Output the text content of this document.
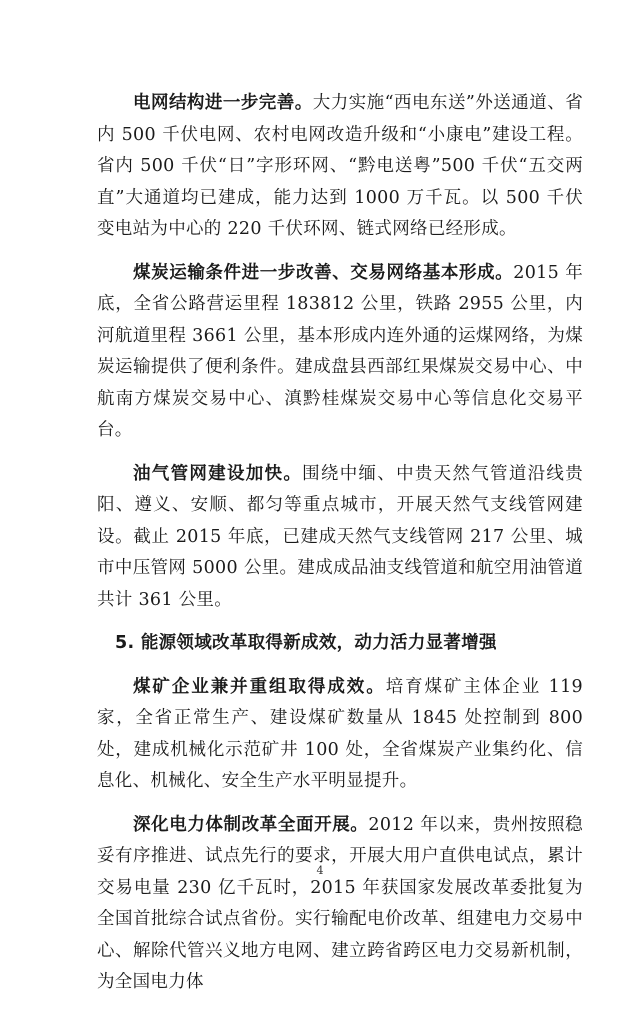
电网结构进一步完善。大力实施“西电东送”外送通道、省内 500 千伏电网、农村电网改造升级和“小康电”建设工程。省内 500 千伏“日”字形环网、“黔电送粤”500 千伏“五交两直”大通道均已建成，能力达到 1000 万千瓦。以 500 千伏变电站为中心的 220 千伏环网、链式网络已经形成。

煤炭运输条件进一步改善、交易网络基本形成。2015 年底，全省公路营运里程 183812 公里，铁路 2955 公里，内河航道里程 3661 公里，基本形成内连外通的运煤网络，为煤炭运输提供了便利条件。建成盘县西部红果煤炭交易中心、中航南方煤炭交易中心、滇黔桂煤炭交易中心等信息化交易平台。

油气管网建设加快。围绕中缅、中贵天然气管道沿线贵阳、遵义、安顺、都匀等重点城市，开展天然气支线管网建设。截止 2015 年底，已建成天然气支线管网 217 公里、城市中压管网 5000 公里。建成成品油支线管道和航空用油管道共计 361 公里。

5. 能源领域改革取得新成效，动力活力显著增强

煤矿企业兼并重组取得成效。培育煤矿主体企业 119 家，全省正常生产、建设煤矿数量从 1845 处控制到 800 处，建成机械化示范矿井 100 处，全省煤炭产业集约化、信息化、机械化、安全生产水平明显提升。

深化电力体制改革全面开展。2012 年以来，贵州按照稳妥有序推进、试点先行的要求，开展大用户直供电试点，累计交易电量 230 亿千瓦时，2015 年获国家发展改革委批复为全国首批综合试点省份。实行输配电价改革、组建电力交易中心、解除代管兴义地方电网、建立跨省跨区电力交易新机制，为全国电力体

4
